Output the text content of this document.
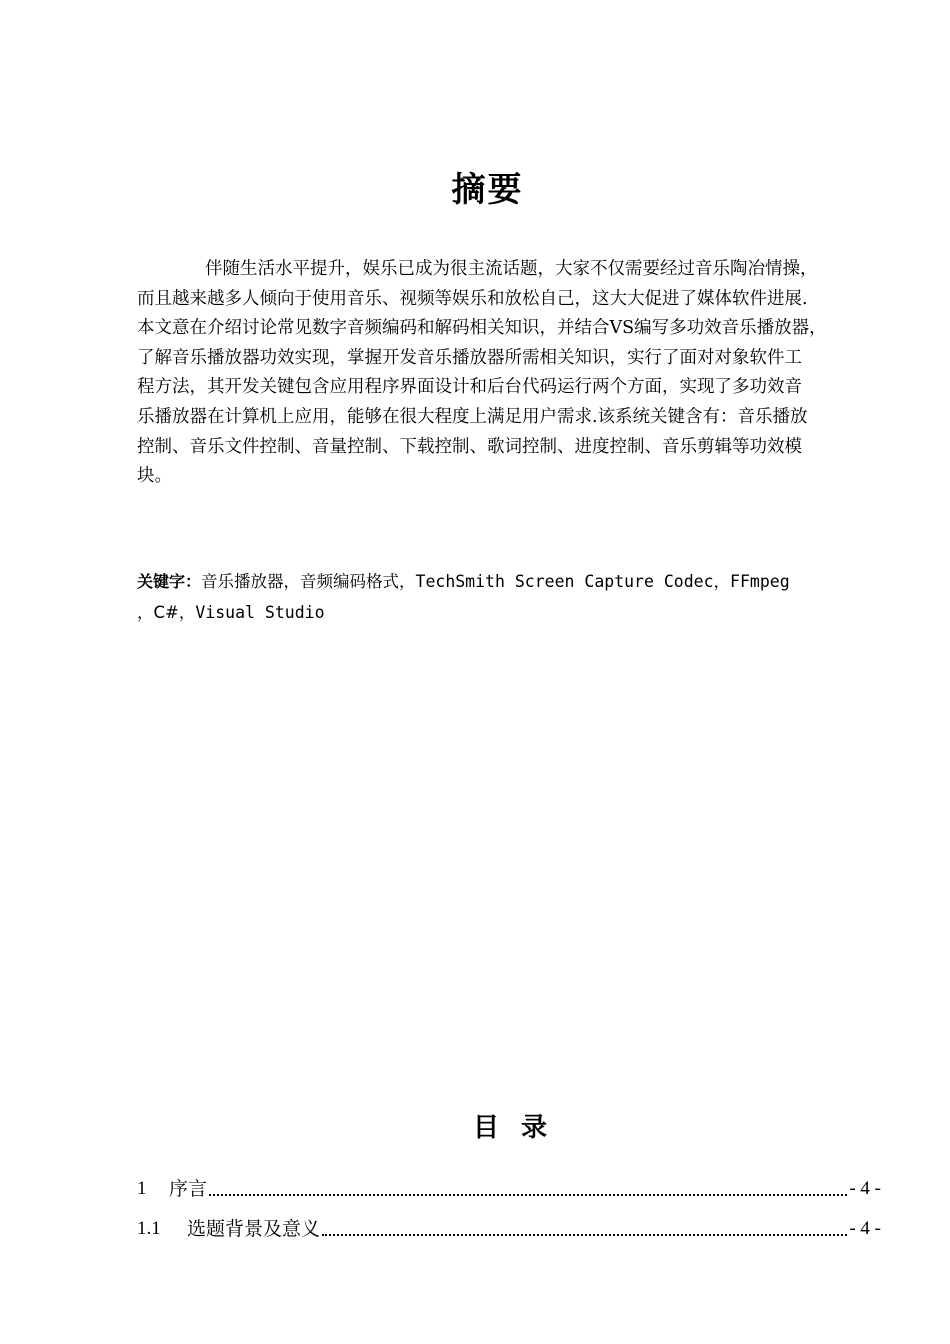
摘要
伴随生活水平提升，娱乐已成为很主流话题，大家不仅需要经过音乐陶冶情操，
而且越来越多人倾向于使用音乐、视频等娱乐和放松自己，这大大促进了媒体软件进展.
本文意在介绍讨论常见数字音频编码和解码相关知识，并结合VS编写多功效音乐播放器，
了解音乐播放器功效实现，掌握开发音乐播放器所需相关知识，实行了面对对象软件工
程方法，其开发关键包含应用程序界面设计和后台代码运行两个方面，实现了多功效音
乐播放器在计算机上应用，能够在很大程度上满足用户需求.该系统关键含有：音乐播放
控制、音乐文件控制、音量控制、下载控制、歌词控制、进度控制、音乐剪辑等功效模
块。
关键字：音乐播放器，音频编码格式，TechSmith Screen Capture Codec，FFmpeg
，C#，Visual Studio
目 录
1	序言	- 4 -
1.1	选题背景及意义	- 4 -
